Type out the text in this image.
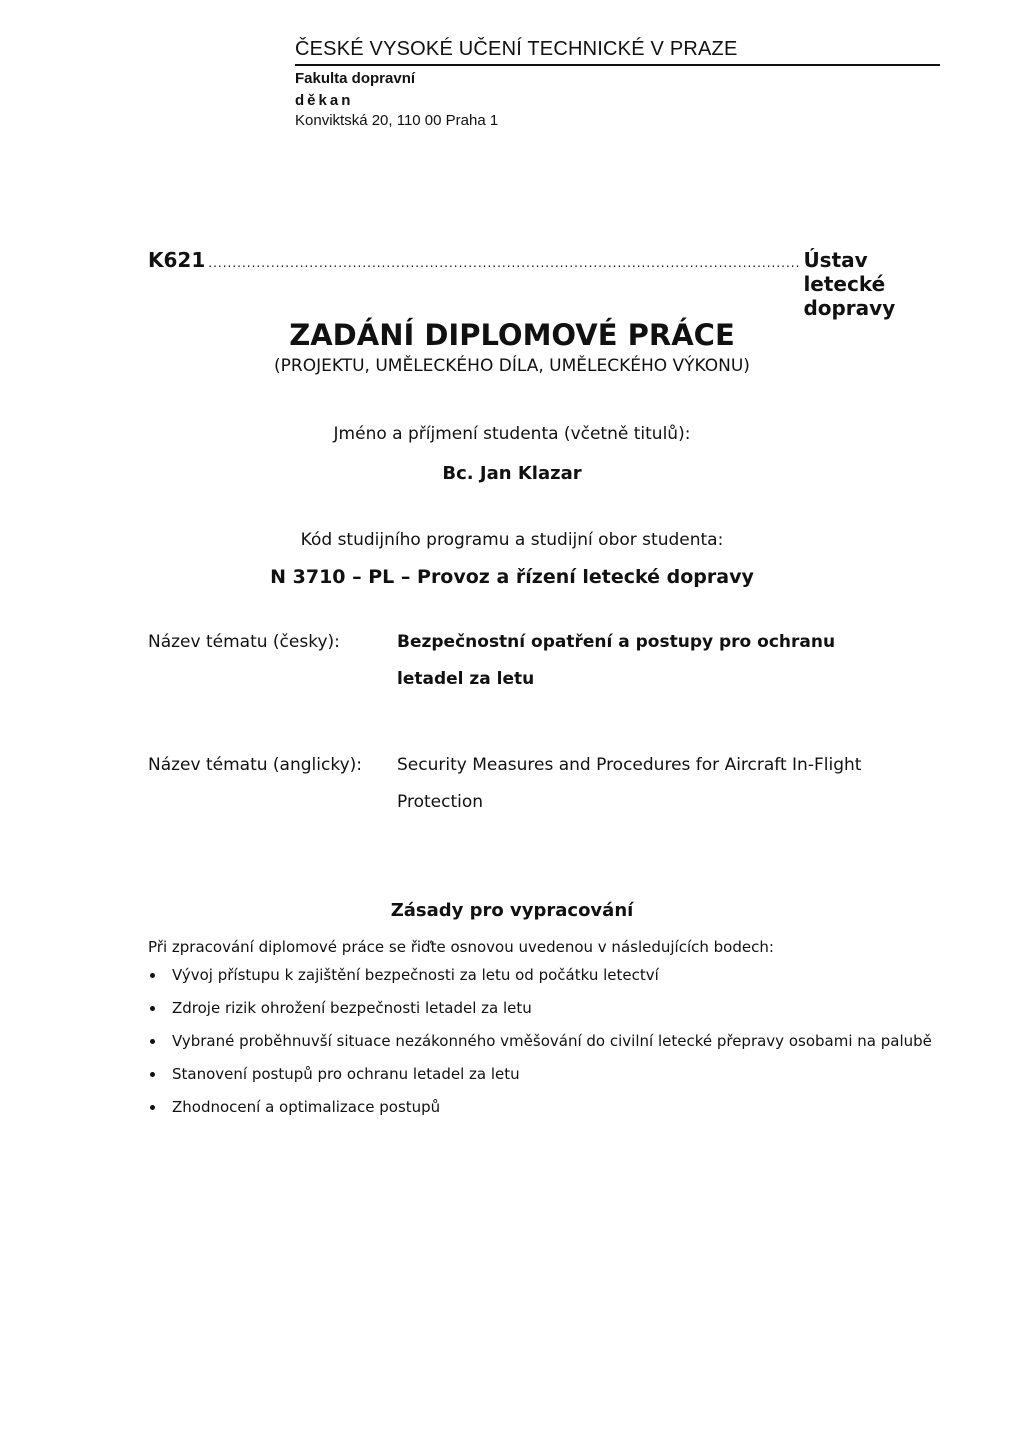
ČESKÉ VYSOKÉ UČENÍ TECHNICKÉ V PRAZE
Fakulta dopravní
děkan
Konviktská 20, 110 00 Praha 1
K621 ........................................................................................................................... Ústav letecké dopravy
ZADÁNÍ DIPLOMOVÉ PRÁCE
(PROJEKTU, UMĚLECKÉHO DÍLA, UMĚLECKÉHO VÝKONU)
Jméno a příjmení studenta (včetně titulů):
Bc. Jan Klazar
Kód studijního programu a studijní obor studenta:
N 3710 – PL – Provoz a řízení letecké dopravy
Název tématu (česky):	Bezpečnostní opatření a postupy pro ochranu letadel za letu
Název tématu (anglicky): Security Measures and Procedures for Aircraft In-Flight Protection
Zásady pro vypracování
Při zpracování diplomové práce se řiďte osnovou uvedenou v následujících bodech:
Vývoj přístupu k zajištění bezpečnosti za letu od počátku letectví
Zdroje rizik ohrožení bezpečnosti letadel za letu
Vybrané proběhnuvší situace nezákonného vměšování do civilní letecké přepravy osobami na palubě
Stanovení postupů pro ochranu letadel za letu
Zhodnocení a optimalizace postupů
